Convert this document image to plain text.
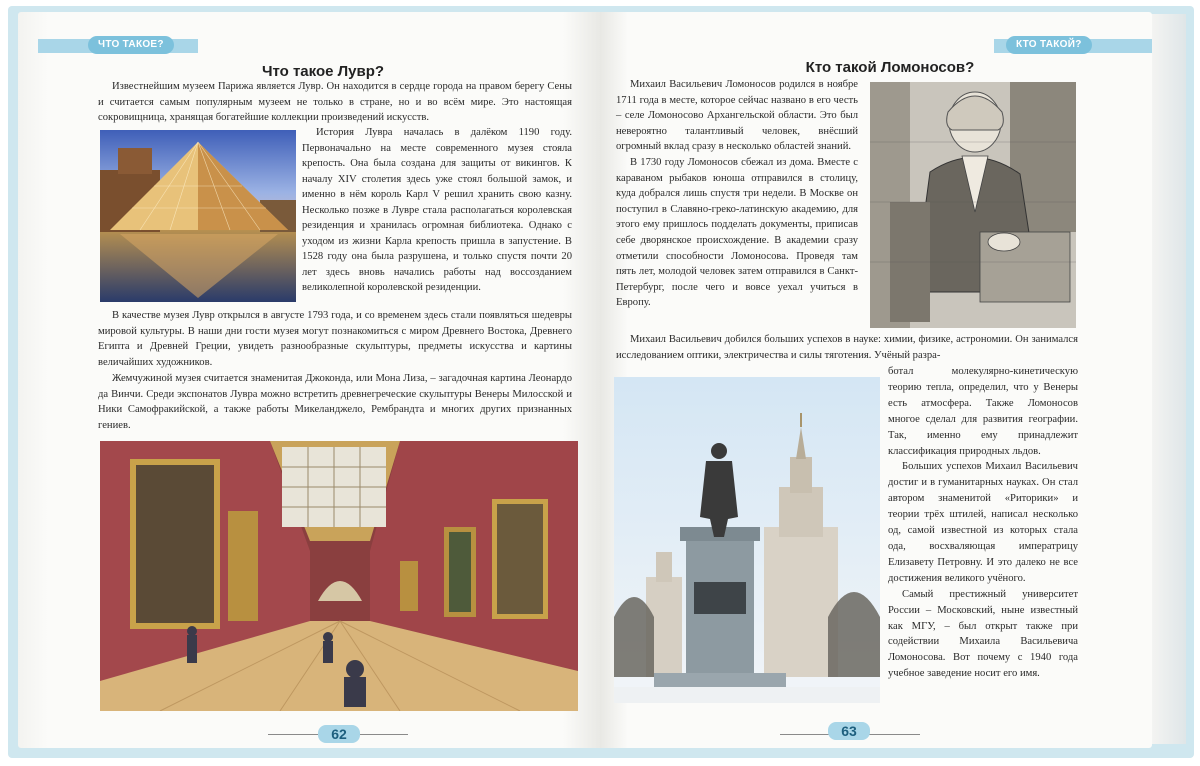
ЧТО ТАКОЕ?
Что такое Лувр?

Известнейшим музеем Парижа является Лувр. Он находится в сердце города на правом берегу Сены и считается самым популярным музеем не только в стране, но и во всём мире. Это настоящая сокровищница, хранящая богатейшие коллекции произведений искусств.

История Лувра началась в далёком 1190 году. Первоначально на месте современного музея стояла крепость. Она была создана для защиты от викингов. К началу XIV столетия здесь уже стоял большой замок, и именно в нём король Карл V решил хранить свою казну. Несколько позже в Лувре стала располагаться королевская резиденция и хранилась огромная библиотека. Однако с уходом из жизни Карла крепость пришла в запустение. В 1528 году она была разрушена, и только спустя почти 20 лет здесь вновь начались работы над воссозданием великолепной королевской резиденции.

В качестве музея Лувр открылся в августе 1793 года, и со временем здесь стали появляться шедевры мировой культуры. В наши дни гости музея могут познакомиться с миром Древнего Востока, Древнего Египта и Древней Греции, увидеть разнообразные скульптуры, предметы искусства и картины величайших художников.

Жемчужиной музея считается знаменитая Джоконда, или Мона Лиза, – загадочная картина Леонардо да Винчи. Среди экспонатов Лувра можно встретить древнегреческие скульптуры Венеры Милосской и Ники Самофракийской, а также работы Микеланджело, Рембрандта и многих других признанных гениев.

62
КТО ТАКОЙ?
Кто такой Ломоносов?

Михаил Васильевич Ломоносов родился в ноябре 1711 года в месте, которое сейчас названо в его честь – селе Ломоносово Архангельской области. Это был невероятно талантливый человек, внёсший огромный вклад сразу в несколько областей знаний.

В 1730 году Ломоносов сбежал из дома. Вместе с караваном рыбаков юноша отправился в столицу, куда добрался лишь спустя три недели. В Москве он поступил в Славяно-греко-латинскую академию, для этого ему пришлось подделать документы, приписав себе дворянское происхождение. В академии сразу отметили способности Ломоносова. Проведя там пять лет, молодой человек затем отправился в Санкт-Петербург, после чего и вовсе уехал учиться в Европу.

Михаил Васильевич добился больших успехов в науке: химии, физике, астрономии. Он занимался исследованием оптики, электричества и силы тяготения. Учёный разра-

ботал молекулярно-кинетическую теорию тепла, определил, что у Венеры есть атмосфера. Также Ломоносов многое сделал для развития географии. Так, именно ему принадлежит классификация природных льдов.

Больших успехов Михаил Васильевич достиг и в гуманитарных науках. Он стал автором знаменитой «Риторики» и теории трёх штилей, написал несколько од, самой известной из которых стала ода, восхваляющая императрицу Елизавету Петровну. И это далеко не все достижения великого учёного.

Самый престижный университет России – Московский, ныне известный как МГУ, – был открыт также при содействии Михаила Васильевича Ломоносова. Вот почему с 1940 года учебное заведение носит его имя.

63
